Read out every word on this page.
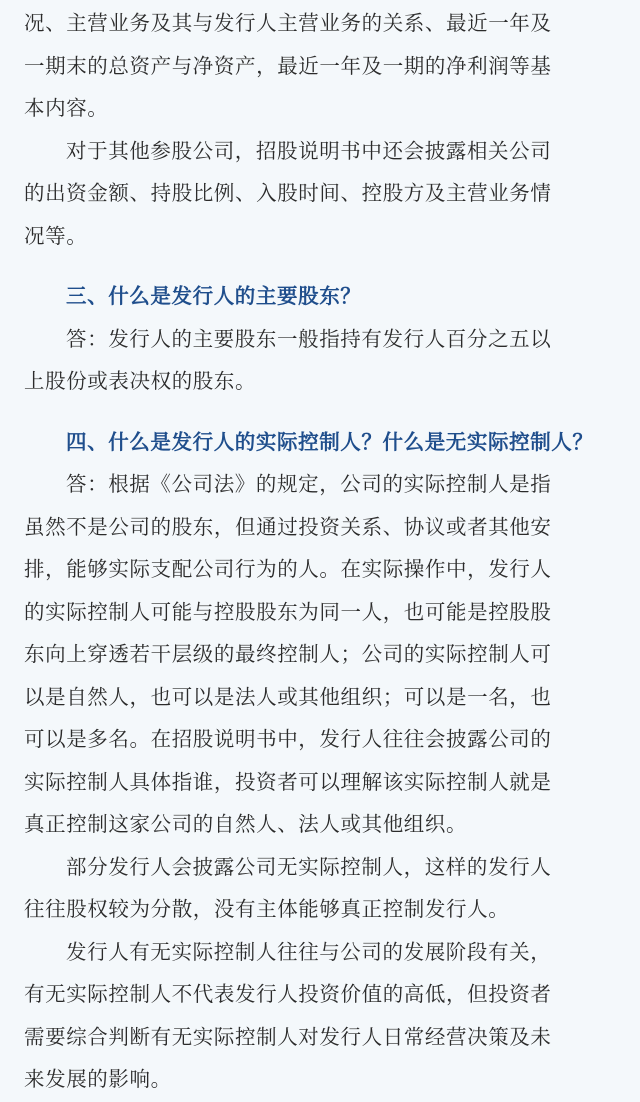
况、主营业务及其与发行人主营业务的关系、最近一年及
一期末的总资产与净资产，最近一年及一期的净利润等基
本内容。
对于其他参股公司，招股说明书中还会披露相关公司
的出资金额、持股比例、入股时间、控股方及主营业务情
况等。
三、什么是发行人的主要股东？
答：发行人的主要股东一般指持有发行人百分之五以
上股份或表决权的股东。
四、什么是发行人的实际控制人？什么是无实际控制人？
答：根据《公司法》的规定，公司的实际控制人是指
虽然不是公司的股东，但通过投资关系、协议或者其他安
排，能够实际支配公司行为的人。在实际操作中，发行人
的实际控制人可能与控股股东为同一人，也可能是控股股
东向上穿透若干层级的最终控制人；公司的实际控制人可
以是自然人，也可以是法人或其他组织；可以是一名，也
可以是多名。在招股说明书中，发行人往往会披露公司的
实际控制人具体指谁，投资者可以理解该实际控制人就是
真正控制这家公司的自然人、法人或其他组织。
部分发行人会披露公司无实际控制人，这样的发行人
往往股权较为分散，没有主体能够真正控制发行人。
发行人有无实际控制人往往与公司的发展阶段有关，
有无实际控制人不代表发行人投资价值的高低，但投资者
需要综合判断有无实际控制人对发行人日常经营决策及未
来发展的影响。
